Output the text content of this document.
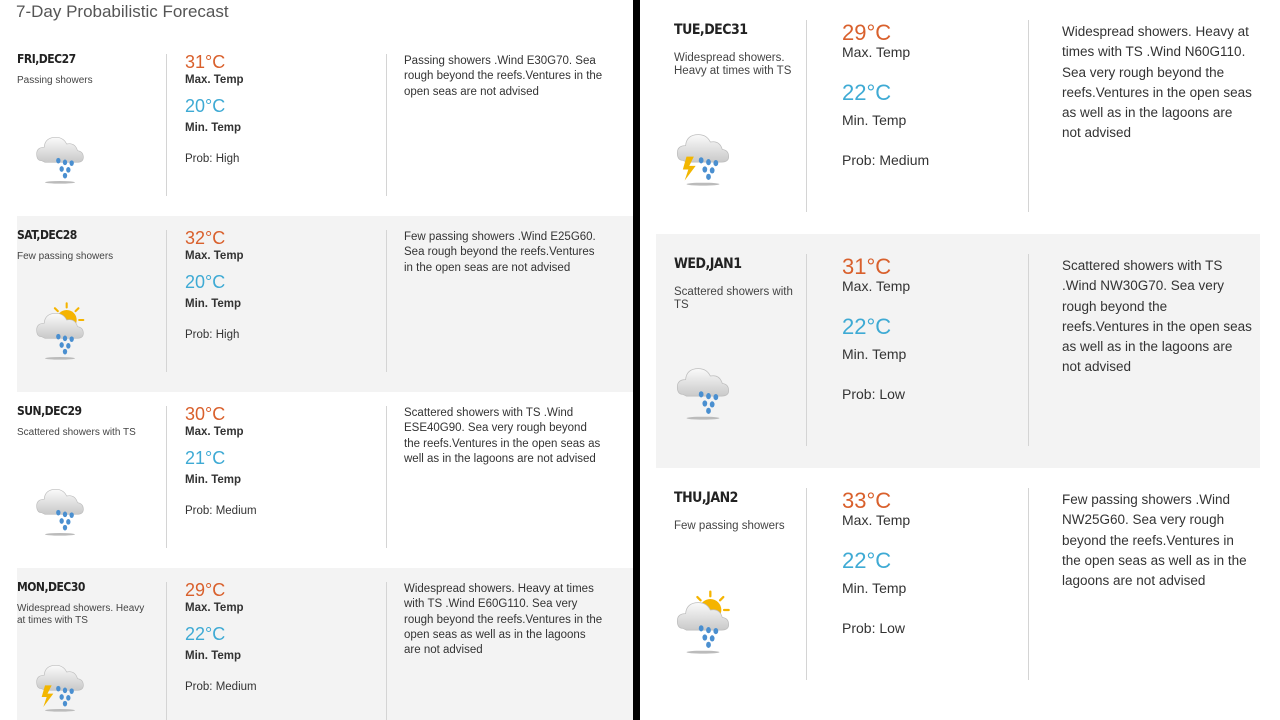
7-Day Probabilistic Forecast
FRI,DEC27
Passing showers
31°C
Max. Temp
20°C
Min. Temp
Prob: High
Passing showers .Wind E30G70. Sea rough beyond the reefs.Ventures in the open seas are not advised
SAT,DEC28
Few passing showers
32°C
Max. Temp
20°C
Min. Temp
Prob: High
Few passing showers .Wind E25G60. Sea rough beyond the reefs.Ventures in the open seas are not advised
SUN,DEC29
Scattered showers with TS
30°C
Max. Temp
21°C
Min. Temp
Prob: Medium
Scattered showers with TS .Wind ESE40G90. Sea very rough beyond the reefs.Ventures in the open seas as well as in the lagoons are not advised
MON,DEC30
Widespread showers. Heavy at times with TS
29°C
Max. Temp
22°C
Min. Temp
Prob: Medium
Widespread showers. Heavy at times with TS .Wind E60G110. Sea very rough beyond the reefs.Ventures in the open seas as well as in the lagoons are not advised
TUE,DEC31
Widespread showers. Heavy at times with TS
29°C
Max. Temp
22°C
Min. Temp
Prob: Medium
Widespread showers. Heavy at times with TS .Wind N60G110. Sea very rough beyond the reefs.Ventures in the open seas as well as in the lagoons are not advised
WED,JAN1
Scattered showers with TS
31°C
Max. Temp
22°C
Min. Temp
Prob: Low
Scattered showers with TS .Wind NW30G70. Sea very rough beyond the reefs.Ventures in the open seas as well as in the lagoons are not advised
THU,JAN2
Few passing showers
33°C
Max. Temp
22°C
Min. Temp
Prob: Low
Few passing showers .Wind NW25G60. Sea very rough beyond the reefs.Ventures in the open seas as well as in the lagoons are not advised
